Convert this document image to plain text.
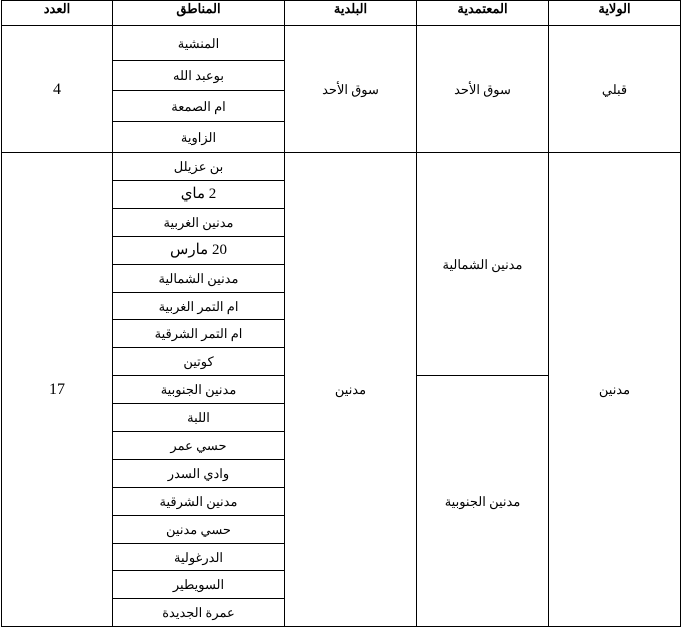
الولاية	المعتمدية	البلدية	المناطق	العدد
قبلي	سوق الأحد	سوق الأحد	المنشية	4
			بوعبد الله	
			ام الصمعة	
			الزاوية	
مدنين	مدنين الشمالية	مدنين	بن عزيلل	17
			2 ماي	
			مدنين الغربية	
			20 مارس	
			مدنين الشمالية	
			ام التمر الغربية	
			ام التمر الشرقية	
			كوتين	
	مدنين الجنوبية		مدنين الجنوبية	
			اللبة	
			حسي عمر	
			وادي السدر	
			مدنين الشرقية	
			حسي مدنين	
			الدرغولية	
			السويطير	
			عمرة الجديدة	
